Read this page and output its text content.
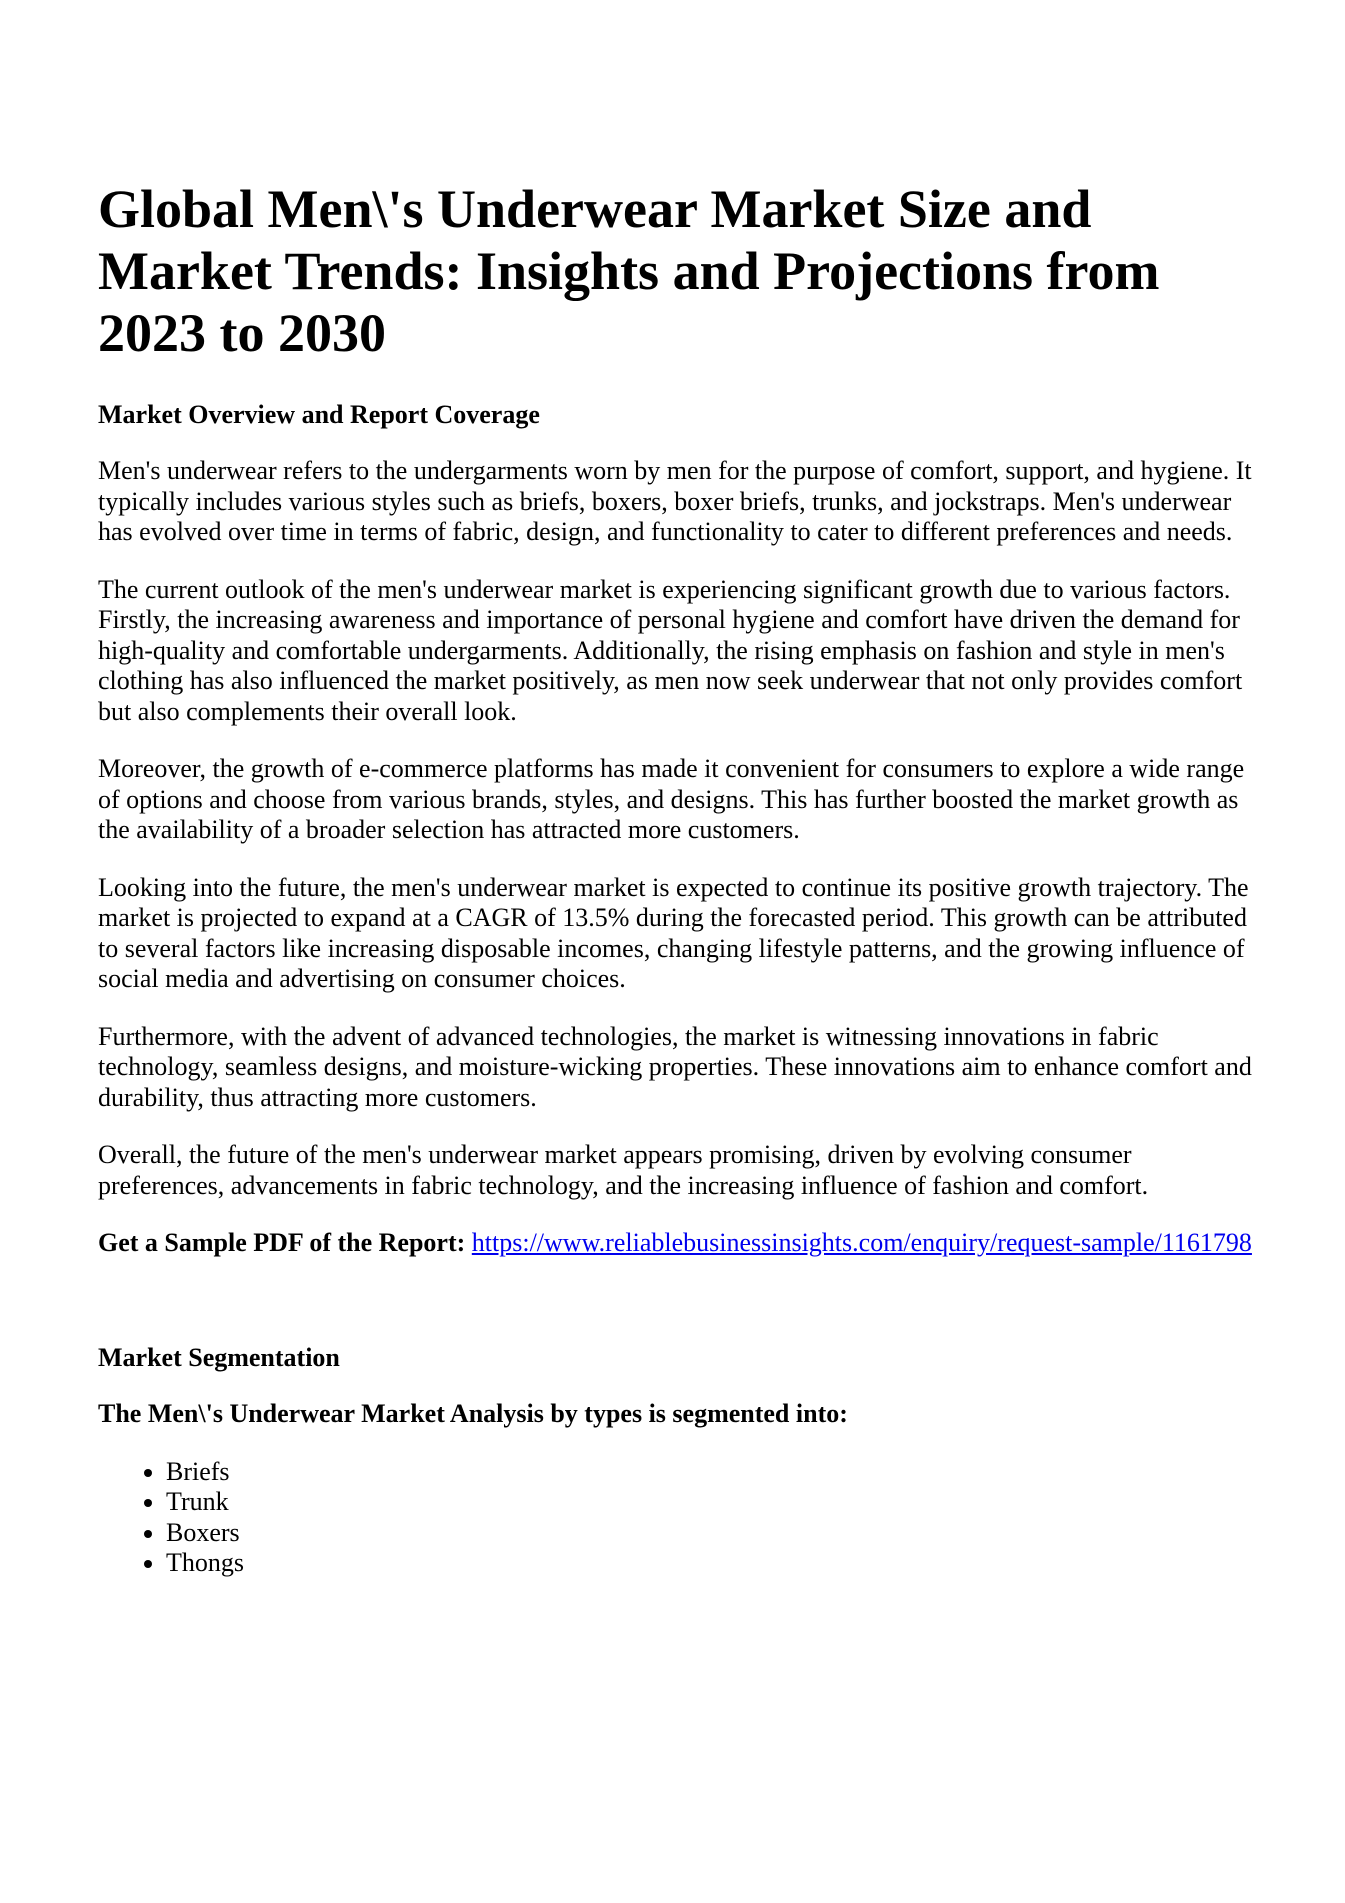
Global Men\'s Underwear Market Size and Market Trends: Insights and Projections from 2023 to 2030
Market Overview and Report Coverage

Men's underwear refers to the undergarments worn by men for the purpose of comfort, support, and hygiene. It typically includes various styles such as briefs, boxers, boxer briefs, trunks, and jockstraps. Men's underwear has evolved over time in terms of fabric, design, and functionality to cater to different preferences and needs.

The current outlook of the men's underwear market is experiencing significant growth due to various factors. Firstly, the increasing awareness and importance of personal hygiene and comfort have driven the demand for high-quality and comfortable undergarments. Additionally, the rising emphasis on fashion and style in men's clothing has also influenced the market positively, as men now seek underwear that not only provides comfort but also complements their overall look.

Moreover, the growth of e-commerce platforms has made it convenient for consumers to explore a wide range of options and choose from various brands, styles, and designs. This has further boosted the market growth as the availability of a broader selection has attracted more customers.

Looking into the future, the men's underwear market is expected to continue its positive growth trajectory. The market is projected to expand at a CAGR of 13.5% during the forecasted period. This growth can be attributed to several factors like increasing disposable incomes, changing lifestyle patterns, and the growing influence of social media and advertising on consumer choices.

Furthermore, with the advent of advanced technologies, the market is witnessing innovations in fabric technology, seamless designs, and moisture-wicking properties. These innovations aim to enhance comfort and durability, thus attracting more customers.

Overall, the future of the men's underwear market appears promising, driven by evolving consumer preferences, advancements in fabric technology, and the increasing influence of fashion and comfort.

Get a Sample PDF of the Report: https://www.reliablebusinessinsights.com/enquiry/request-sample/1161798

Market Segmentation
The Men\'s Underwear Market Analysis by types is segmented into:
• Briefs
• Trunk
• Boxers
• Thongs
